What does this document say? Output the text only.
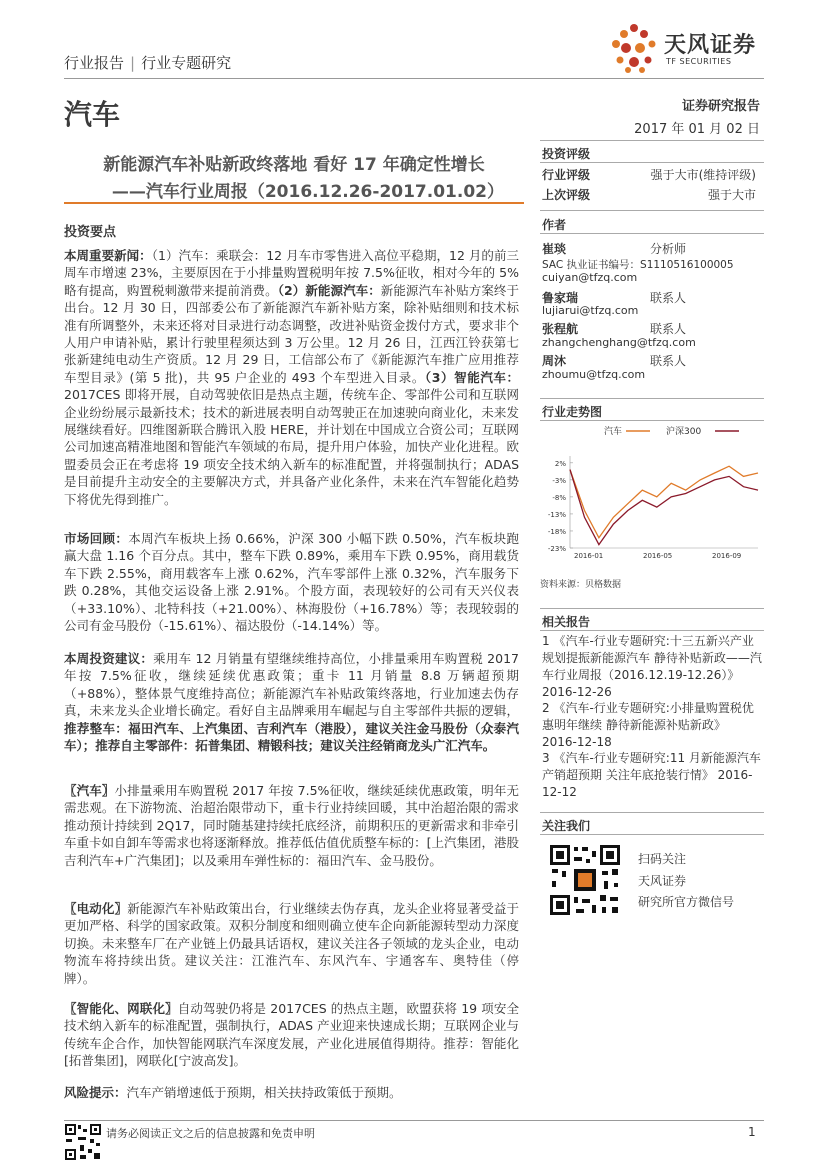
行业报告 | 行业专题研究
汽车
天风证券
TF SECURITIES
证券研究报告
2017 年 01 月 02 日
新能源汽车补贴新政终落地 看好 17 年确定性增长
——汽车行业周报（2016.12.26-2017.01.02）
投资评级
行业评级	强于大市(维持评级)
上次评级	强于大市
作者
崔琰	分析师
SAC 执业证书编号：S1110516100005
cuiyan@tfzq.com
鲁家瑞	联系人
lujiarui@tfzq.com
张程航	联系人
zhangchenghang@tfzq.com
周沐	联系人
zhoumu@tfzq.com
行业走势图
汽车	沪深300
2%
-3%
-8%
-13%
-18%
-23%
2016-01	2016-05	2016-09
资料来源：贝格数据
相关报告
1 《汽车-行业专题研究:十三五新兴产业规划提振新能源汽车 静待补贴新政——汽车行业周报（2016.12.19-12.26）》 2016-12-26
2 《汽车-行业专题研究:小排量购置税优惠明年继续 静待新能源补贴新政》 2016-12-18
3 《汽车-行业专题研究:11 月新能源汽车产销超预期 关注年底抢装行情》 2016-12-12
关注我们
扫码关注
天风证券
研究所官方微信号
投资要点
本周重要新闻：（1）汽车：乘联会：12 月车市零售进入高位平稳期，12 月的前三周车市增速 23%，主要原因在于小排量购置税明年按 7.5%征收，相对今年的 5%略有提高，购置税刺激带来提前消费。（2）新能源汽车：新能源汽车补贴方案终于出台。12 月 30 日，四部委公布了新能源汽车新补贴方案，除补贴细则和技术标准有所调整外，未来还将对目录进行动态调整，改进补贴资金拨付方式，要求非个人用户申请补贴，累计行驶里程须达到 3 万公里。12 月 26 日，江西江铃获第七张新建纯电动生产资质。12 月 29 日，工信部公布了《新能源汽车推广应用推荐车型目录》(第 5 批)，共 95 户企业的 493 个车型进入目录。（3）智能汽车：2017CES 即将开展，自动驾驶依旧是热点主题，传统车企、零部件公司和互联网企业纷纷展示最新技术；技术的新进展表明自动驾驶正在加速驶向商业化，未来发展继续看好。四维图新联合腾讯入股 HERE，并计划在中国成立合资公司；互联网公司加速高精准地图和智能汽车领域的布局，提升用户体验，加快产业化进程。欧盟委员会正在考虑将 19 项安全技术纳入新车的标准配置，并将强制执行；ADAS 是目前提升主动安全的主要解决方式，并具备产业化条件，未来在汽车智能化趋势下将优先得到推广。
市场回顾：本周汽车板块上扬 0.66%，沪深 300 小幅下跌 0.50%，汽车板块跑赢大盘 1.16 个百分点。其中，整车下跌 0.89%，乘用车下跌 0.95%，商用载货车下跌 2.55%，商用载客车上涨 0.62%，汽车零部件上涨 0.32%，汽车服务下跌 0.28%，其他交运设备上涨 2.91%。个股方面，表现较好的公司有天兴仪表（+33.10%）、北特科技（+21.00%）、林海股份（+16.78%）等；表现较弱的公司有金马股份（-15.61%）、福达股份（-14.14%）等。
本周投资建议：乘用车 12 月销量有望继续维持高位，小排量乘用车购置税 2017 年按 7.5%征收，继续延续优惠政策；重卡 11 月销量 8.8 万辆超预期（+88%），整体景气度维持高位；新能源汽车补贴政策终落地，行业加速去伪存真，未来龙头企业增长确定。看好自主品牌乘用车崛起与自主零部件共振的逻辑，推荐整车：福田汽车、上汽集团、吉利汽车（港股），建议关注金马股份（众泰汽车）；推荐自主零部件：拓普集团、精锻科技；建议关注经销商龙头广汇汽车。
〖汽车〗小排量乘用车购置税 2017 年按 7.5%征收，继续延续优惠政策，明年无需悲观。在下游物流、治超治限带动下，重卡行业持续回暖，其中治超治限的需求推动预计持续到 2Q17，同时随基建持续托底经济，前期积压的更新需求和非牵引车重卡如自卸车等需求也将逐渐释放。推荐低估值优质整车标的：[上汽集团，港股吉利汽车+广汽集团]；以及乘用车弹性标的：福田汽车、金马股份。
〖电动化〗新能源汽车补贴政策出台，行业继续去伪存真，龙头企业将显著受益于更加严格、科学的国家政策。双积分制度和细则确立使车企向新能源转型动力深度切换。未来整车厂在产业链上仍最具话语权，建议关注各子领域的龙头企业，电动物流车将持续出货。建议关注：江淮汽车、东风汽车、宇通客车、奥特佳（停牌）。
〖智能化、网联化〗自动驾驶仍将是 2017CES 的热点主题，欧盟获将 19 项安全技术纳入新车的标准配置，强制执行，ADAS 产业迎来快速成长期；互联网企业与传统车企合作，加快智能网联汽车深度发展，产业化进展值得期待。推荐：智能化[拓普集团]，网联化[宁波高发]。
风险提示：汽车产销增速低于预期，相关扶持政策低于预期。
请务必阅读正文之后的信息披露和免责申明	1
